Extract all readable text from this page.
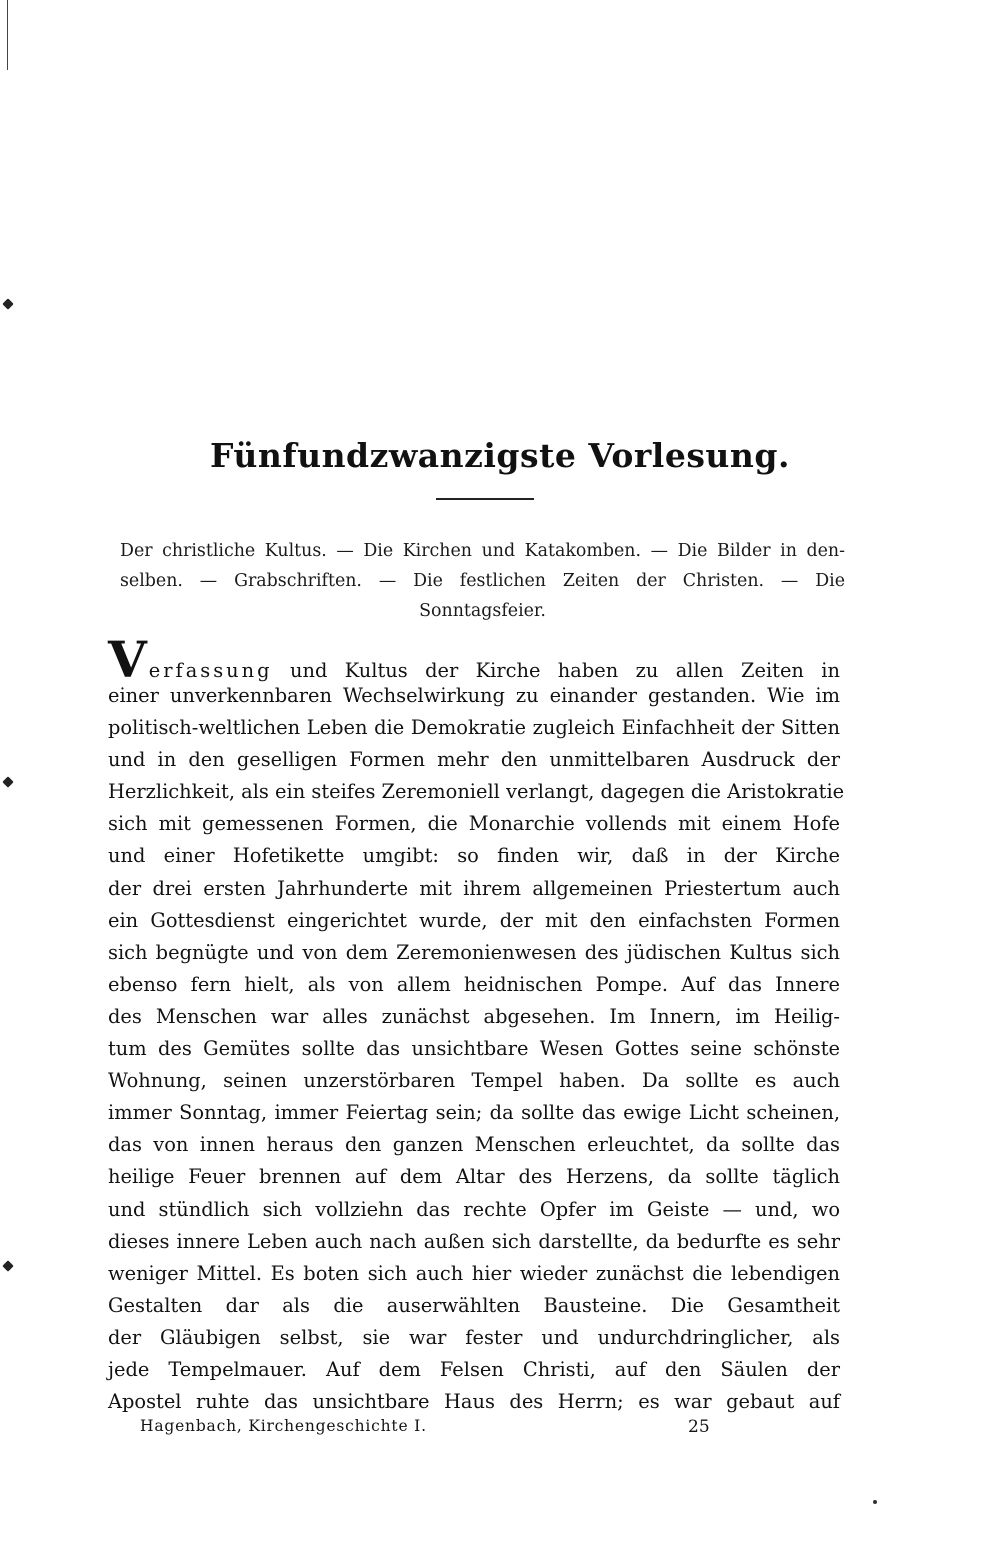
Fünfundzwanzigste Vorlesung.
Der christliche Kultus. — Die Kirchen und Katakomben. — Die Bilder in den-
selben. — Grabschriften. — Die festlichen Zeiten der Christen. — Die
Sonntagsfeier.
Verfassung und Kultus der Kirche haben zu allen Zeiten in
einer unverkennbaren Wechselwirkung zu einander gestanden. Wie im
politisch-weltlichen Leben die Demokratie zugleich Einfachheit der Sitten
und in den geselligen Formen mehr den unmittelbaren Ausdruck der
Herzlichkeit, als ein steifes Zeremoniell verlangt, dagegen die Aristokratie
sich mit gemessenen Formen, die Monarchie vollends mit einem Hofe
und einer Hofetikette umgibt: so finden wir, daß in der Kirche
der drei ersten Jahrhunderte mit ihrem allgemeinen Priestertum auch
ein Gottesdienst eingerichtet wurde, der mit den einfachsten Formen
sich begnügte und von dem Zeremonienwesen des jüdischen Kultus sich
ebenso fern hielt, als von allem heidnischen Pompe. Auf das Innere
des Menschen war alles zunächst abgesehen. Im Innern, im Heilig-
tum des Gemütes sollte das unsichtbare Wesen Gottes seine schönste
Wohnung, seinen unzerstörbaren Tempel haben. Da sollte es auch
immer Sonntag, immer Feiertag sein; da sollte das ewige Licht scheinen,
das von innen heraus den ganzen Menschen erleuchtet, da sollte das
heilige Feuer brennen auf dem Altar des Herzens, da sollte täglich
und stündlich sich vollziehn das rechte Opfer im Geiste — und, wo
dieses innere Leben auch nach außen sich darstellte, da bedurfte es sehr
weniger Mittel. Es boten sich auch hier wieder zunächst die lebendigen
Gestalten dar als die auserwählten Bausteine. Die Gesamtheit
der Gläubigen selbst, sie war fester und undurchdringlicher, als
jede Tempelmauer. Auf dem Felsen Christi, auf den Säulen der
Apostel ruhte das unsichtbare Haus des Herrn; es war gebaut auf
Hagenbach, Kirchengeschichte I.	25
